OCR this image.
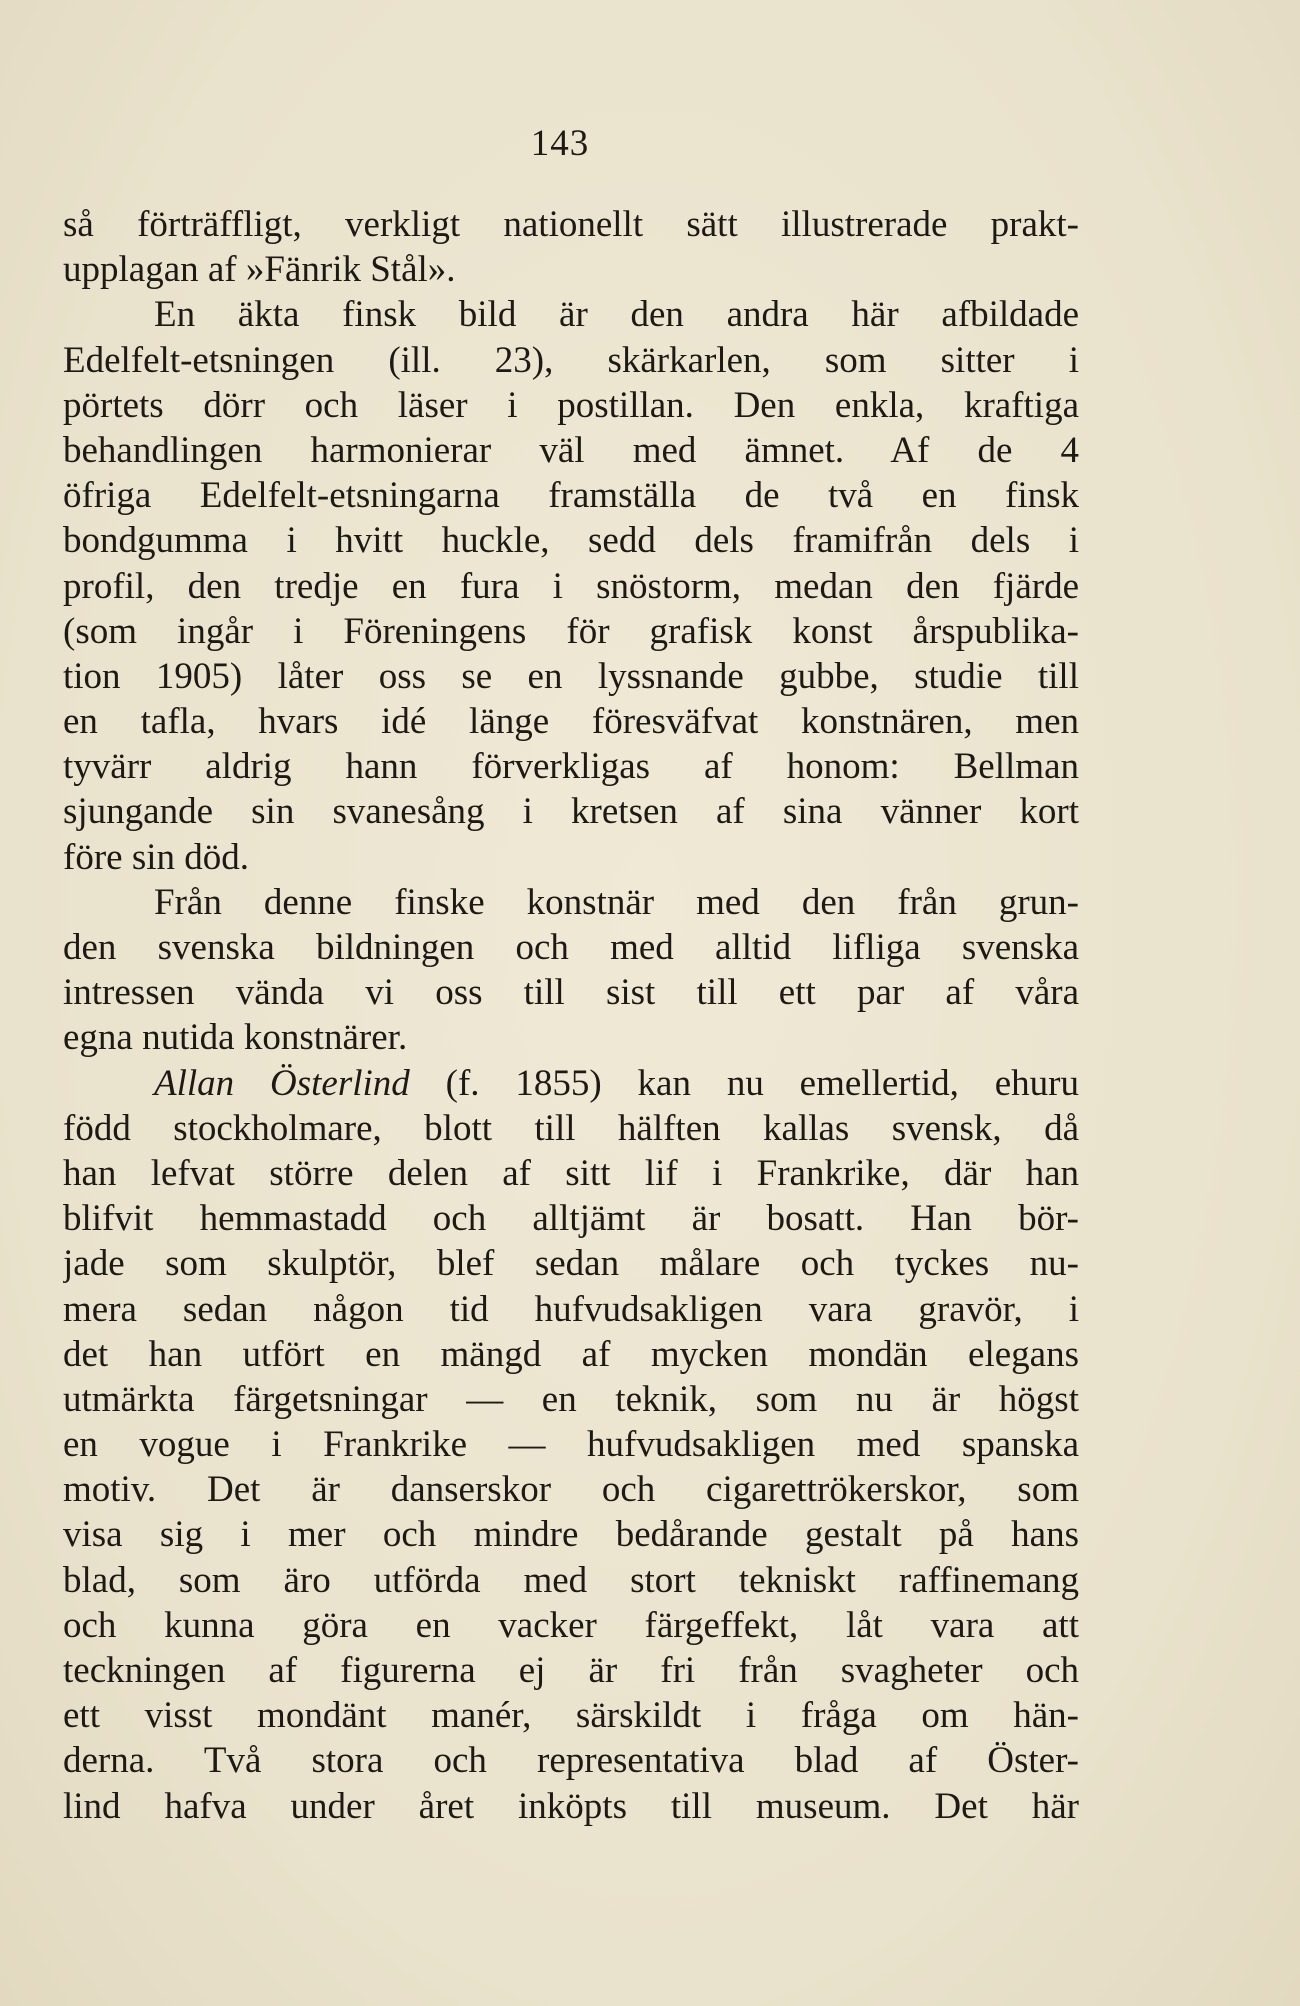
143
så förträffligt, verkligt nationellt sätt illustrerade prakt-
upplagan af »Fänrik Stål».
En äkta finsk bild är den andra här afbildade
Edelfelt-etsningen (ill. 23), skärkarlen, som sitter i
pörtets dörr och läser i postillan. Den enkla, kraftiga
behandlingen harmonierar väl med ämnet. Af de 4
öfriga Edelfelt-etsningarna framställa de två en finsk
bondgumma i hvitt huckle, sedd dels framifrån dels i
profil, den tredje en fura i snöstorm, medan den fjärde
(som ingår i Föreningens för grafisk konst årspublika-
tion 1905) låter oss se en lyssnande gubbe, studie till
en tafla, hvars idé länge föresväfvat konstnären, men
tyvärr aldrig hann förverkligas af honom: Bellman
sjungande sin svanesång i kretsen af sina vänner kort
före sin död.
Från denne finske konstnär med den från grun-
den svenska bildningen och med alltid lifliga svenska
intressen vända vi oss till sist till ett par af våra
egna nutida konstnärer.
Allan Österlind (f. 1855) kan nu emellertid, ehuru
född stockholmare, blott till hälften kallas svensk, då
han lefvat större delen af sitt lif i Frankrike, där han
blifvit hemmastadd och alltjämt är bosatt. Han bör-
jade som skulptör, blef sedan målare och tyckes nu-
mera sedan någon tid hufvudsakligen vara gravör, i
det han utfört en mängd af mycken mondän elegans
utmärkta färgetsningar — en teknik, som nu är högst
en vogue i Frankrike — hufvudsakligen med spanska
motiv. Det är danserskor och cigarettrökerskor, som
visa sig i mer och mindre bedårande gestalt på hans
blad, som äro utförda med stort tekniskt raffinemang
och kunna göra en vacker färgeffekt, låt vara att
teckningen af figurerna ej är fri från svagheter och
ett visst mondänt manér, särskildt i fråga om hän-
derna. Två stora och representativa blad af Öster-
lind hafva under året inköpts till museum. Det här
